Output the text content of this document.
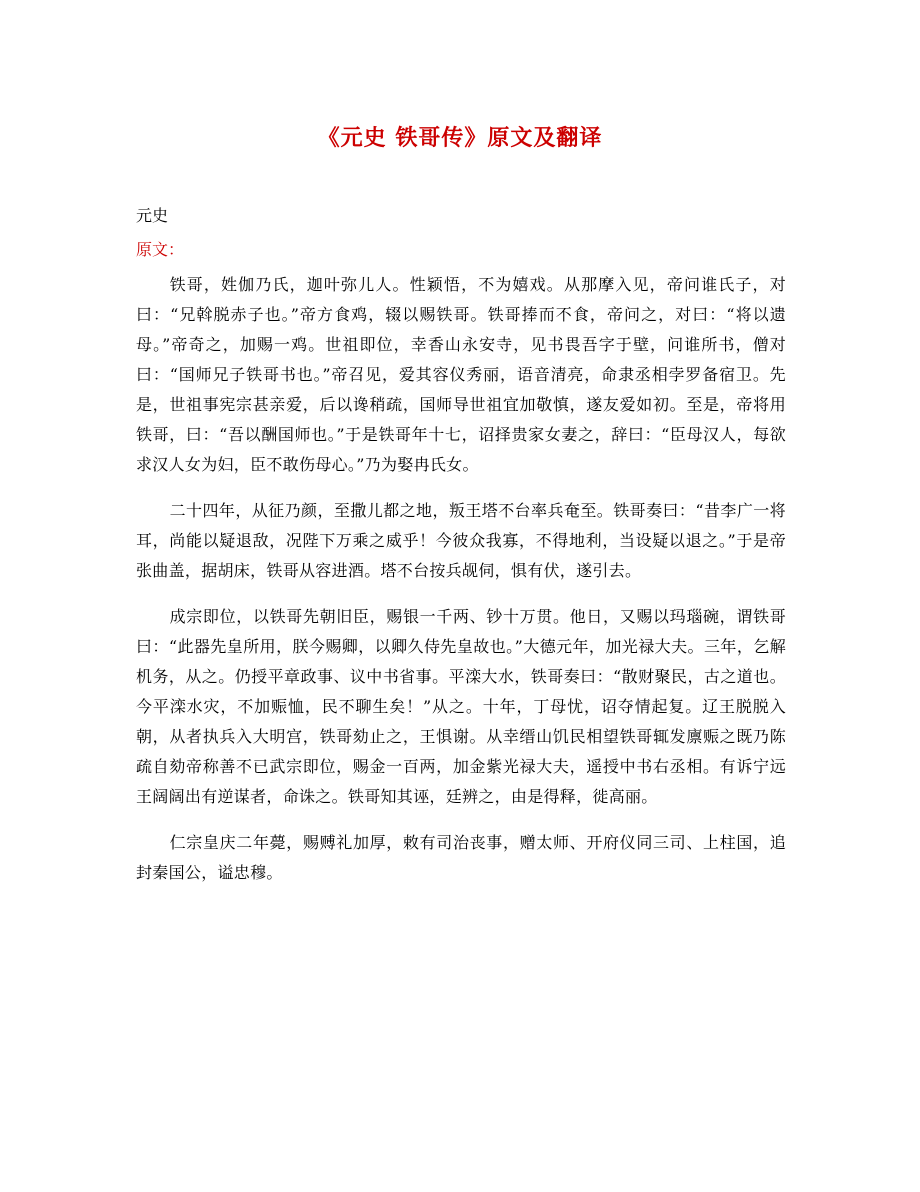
《元史 铁哥传》原文及翻译
元史
原文：

铁哥，姓伽乃氏，迦叶弥儿人。性颖悟，不为嬉戏。从那摩入见，帝问谁氏子，对曰：“兄斡脱赤子也。”帝方食鸡，辍以赐铁哥。铁哥捧而不食，帝问之，对曰：“将以遗母。”帝奇之，加赐一鸡。世祖即位，幸香山永安寺，见书畏吾字于壁，问谁所书，僧对曰：“国师兄子铁哥书也。”帝召见，爱其容仪秀丽，语音清亮，命隶丞相孛罗备宿卫。先是，世祖事宪宗甚亲爱，后以谗稍疏，国师导世祖宜加敬慎，遂友爱如初。至是，帝将用铁哥，曰：“吾以酬国师也。”于是铁哥年十七，诏择贵家女妻之，辞曰：“臣母汉人，每欲求汉人女为妇，臣不敢伤母心。”乃为娶冉氏女。

二十四年，从征乃颜，至撒儿都之地，叛王塔不台率兵奄至。铁哥奏曰：“昔李广一将耳，尚能以疑退敌，况陛下万乘之威乎！今彼众我寡，不得地利，当设疑以退之。”于是帝张曲盖，据胡床，铁哥从容进酒。塔不台按兵觇伺，惧有伏，遂引去。

成宗即位，以铁哥先朝旧臣，赐银一千两、钞十万贯。他日，又赐以玛瑙碗，谓铁哥曰：“此器先皇所用，朕今赐卿，以卿久侍先皇故也。”大德元年，加光禄大夫。三年，乞解机务，从之。仍授平章政事、议中书省事。平滦大水，铁哥奏曰：“散财聚民，古之道也。今平滦水灾，不加赈恤，民不聊生矣！”从之。十年，丁母忧，诏夺情起复。辽王脱脱入朝，从者执兵入大明宫，铁哥劾止之，王惧谢。从幸缙山饥民相望铁哥辄发廪赈之既乃陈疏自劾帝称善不已武宗即位，赐金一百两，加金紫光禄大夫，遥授中书右丞相。有诉宁远王阔阔出有逆谋者，命诛之。铁哥知其诬，廷辨之，由是得释，徙高丽。

仁宗皇庆二年薨，赐赙礼加厚，敕有司治丧事，赠太师、开府仪同三司、上柱国，追封秦国公，谥忠穆。
